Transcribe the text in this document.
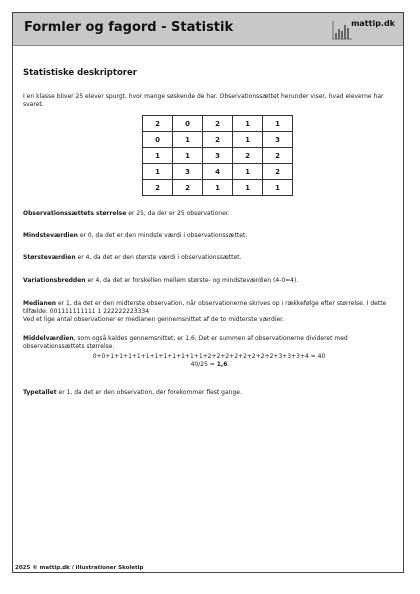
Formler og fagord - Statistik	mattip.dk
Statistiske deskriptorer

I en klasse bliver 25 elever spurgt, hvor mange søskende de har. Observationssættet herunder viser, hvad eleverne har svaret.

2	0	2	1	1
0	1	2	1	3
1	1	3	2	2
1	3	4	1	2
2	2	1	1	1

Observationssættets størrelse er 25, da der er 25 observationer.

Mindsteværdien er 0, da det er den mindste værdi i observationssættet.

Størsteværdien er 4, da det er den største værdi i observationssættet.

Variationsbredden er 4, da det er forskellen mellem største- og mindsteværdien (4-0=4).

Medianen er 1, da det er den midterste observation, når observationerne skrives op i rækkefølge efter størrelse. I dette tilfælde: 001111111111 1 222222223334

Ved et lige antal observationer er medianen gennemsnittet af de to midterste værdier.

Middelværdien, som også kaldes gennemsnittet, er 1,6. Det er summen af observationerne divideret med observationssættets størrelse.

0+0+1+1+1+1+1+1+1+1+1+1+1+2+2+2+2+2+2+2+2+3+3+3+4 = 40

40/25 = 1,6

Typetallet er 1, da det er den observation, der forekommer flest gange.

2025 © mattip.dk / illustrationer Skoletip
